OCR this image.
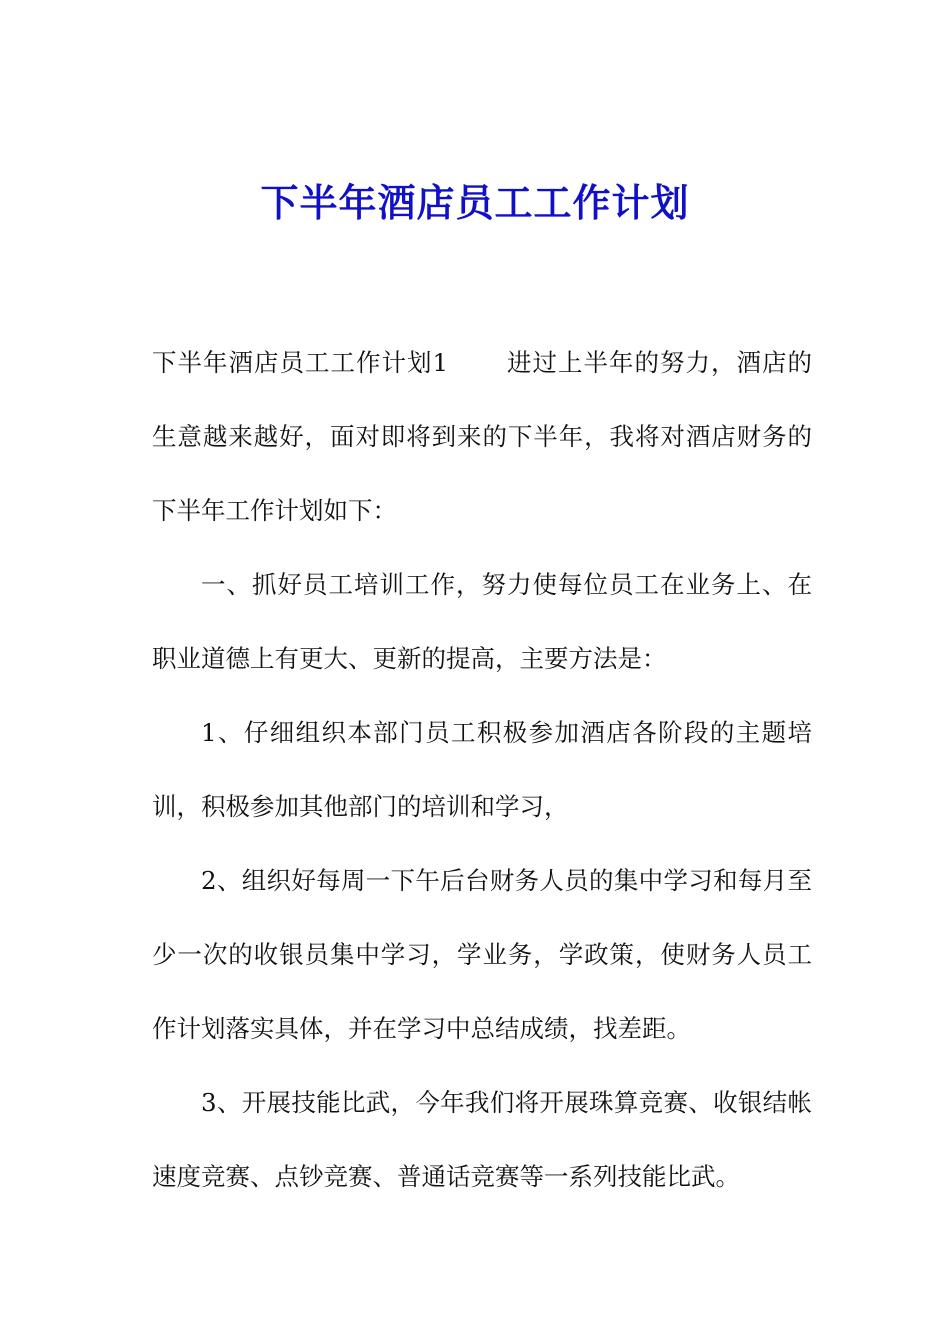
下半年酒店员工工作计划

下半年酒店员工工作计划1 进过上半年的努力，酒店的生意越来越好，面对即将到来的下半年，我将对酒店财务的下半年工作计划如下：

一、抓好员工培训工作，努力使每位员工在业务上、在职业道德上有更大、更新的提高，主要方法是：

1、仔细组织本部门员工积极参加酒店各阶段的主题培训，积极参加其他部门的培训和学习，

2、组织好每周一下午后台财务人员的集中学习和每月至少一次的收银员集中学习，学业务，学政策，使财务人员工作计划落实具体，并在学习中总结成绩，找差距。

3、开展技能比武，今年我们将开展珠算竞赛、收银结帐速度竞赛、点钞竞赛、普通话竞赛等一系列技能比武。
